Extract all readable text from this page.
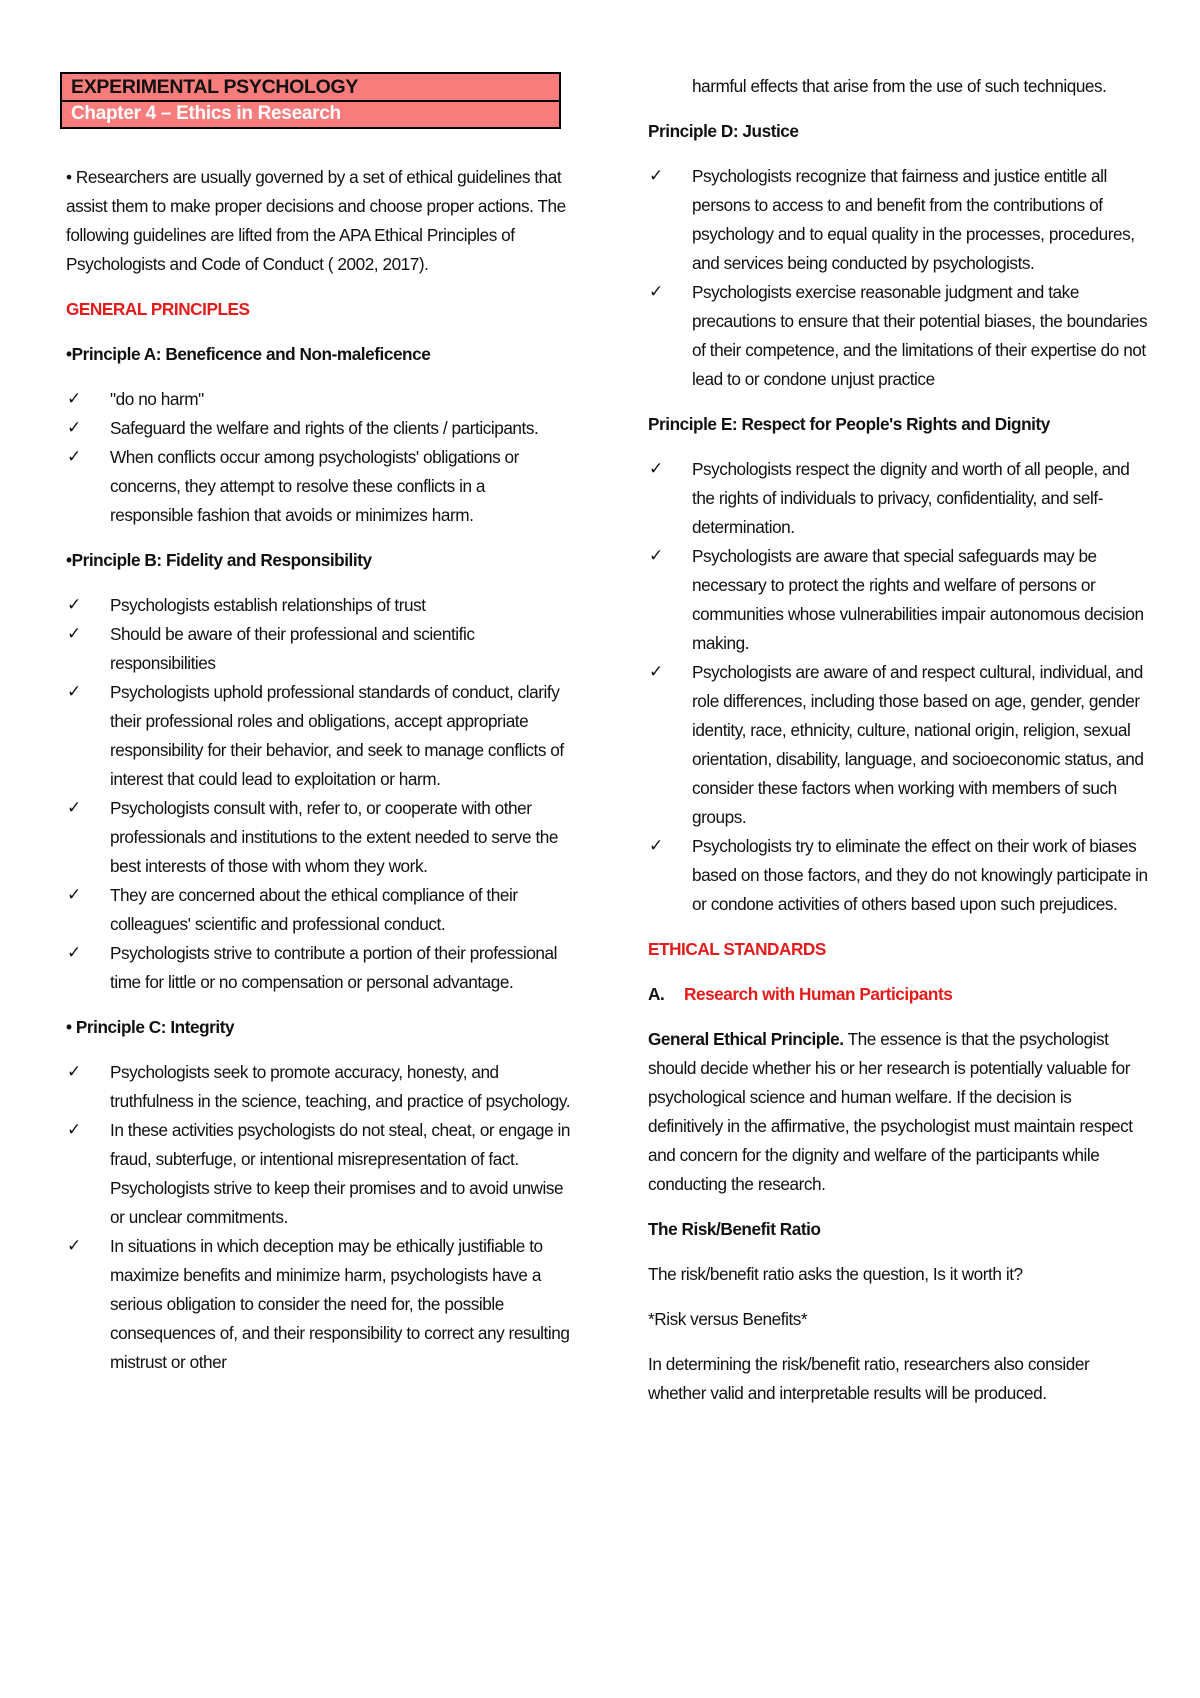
EXPERIMENTAL PSYCHOLOGY
Chapter 4 – Ethics in Research

• Researchers are usually governed by a set of ethical guidelines that assist them to make proper decisions and choose proper actions. The following guidelines are lifted from the APA Ethical Principles of Psychologists and Code of Conduct ( 2002, 2017).

GENERAL PRINCIPLES
•Principle A: Beneficence and Non-maleficence
✓ "do no harm"
✓ Safeguard the welfare and rights of the clients / participants.
✓ When conflicts occur among psychologists' obligations or concerns, they attempt to resolve these conflicts in a responsible fashion that avoids or minimizes harm.
•Principle B: Fidelity and Responsibility
✓ Psychologists establish relationships of trust
✓ Should be aware of their professional and scientific responsibilities
✓ Psychologists uphold professional standards of conduct, clarify their professional roles and obligations, accept appropriate responsibility for their behavior, and seek to manage conflicts of interest that could lead to exploitation or harm.
✓ Psychologists consult with, refer to, or cooperate with other professionals and institutions to the extent needed to serve the best interests of those with whom they work.
✓ They are concerned about the ethical compliance of their colleagues' scientific and professional conduct.
✓ Psychologists strive to contribute a portion of their professional time for little or no compensation or personal advantage.
• Principle C: Integrity
✓ Psychologists seek to promote accuracy, honesty, and truthfulness in the science, teaching, and practice of psychology.
✓ In these activities psychologists do not steal, cheat, or engage in fraud, subterfuge, or intentional misrepresentation of fact. Psychologists strive to keep their promises and to avoid unwise or unclear commitments.
✓ In situations in which deception may be ethically justifiable to maximize benefits and minimize harm, psychologists have a serious obligation to consider the need for, the possible consequences of, and their responsibility to correct any resulting mistrust or other
harmful effects that arise from the use of such techniques.
Principle D: Justice
✓ Psychologists recognize that fairness and justice entitle all persons to access to and benefit from the contributions of psychology and to equal quality in the processes, procedures, and services being conducted by psychologists.
✓ Psychologists exercise reasonable judgment and take precautions to ensure that their potential biases, the boundaries of their competence, and the limitations of their expertise do not lead to or condone unjust practice
Principle E: Respect for People's Rights and Dignity
✓ Psychologists respect the dignity and worth of all people, and the rights of individuals to privacy, confidentiality, and self-determination.
✓ Psychologists are aware that special safeguards may be necessary to protect the rights and welfare of persons or communities whose vulnerabilities impair autonomous decision making.
✓ Psychologists are aware of and respect cultural, individual, and role differences, including those based on age, gender, gender identity, race, ethnicity, culture, national origin, religion, sexual orientation, disability, language, and socioeconomic status, and consider these factors when working with members of such groups.
✓ Psychologists try to eliminate the effect on their work of biases based on those factors, and they do not knowingly participate in or condone activities of others based upon such prejudices.
ETHICAL STANDARDS
A.	Research with Human Participants

General Ethical Principle. The essence is that the psychologist should decide whether his or her research is potentially valuable for psychological science and human welfare. If the decision is definitively in the affirmative, the psychologist must maintain respect and concern for the dignity and welfare of the participants while conducting the research.

The Risk/Benefit Ratio

The risk/benefit ratio asks the question, Is it worth it?

*Risk versus Benefits*

In determining the risk/benefit ratio, researchers also consider whether valid and interpretable results will be produced.
